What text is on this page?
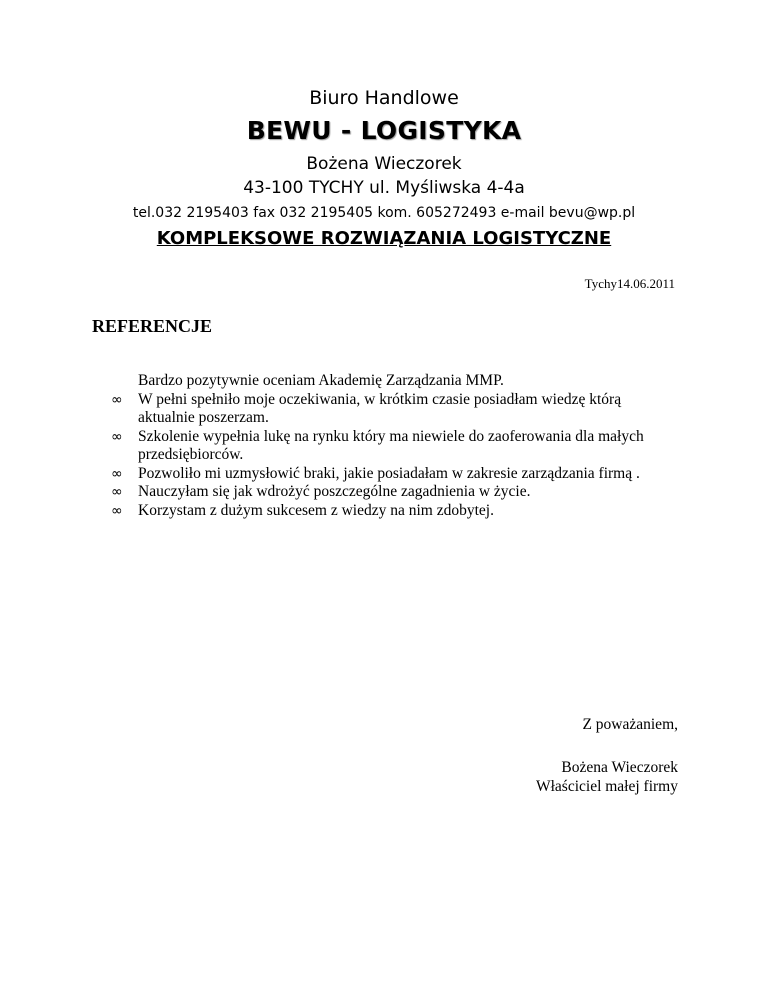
Biuro Handlowe
BEWU - LOGISTYKA
Bożena Wieczorek
43-100 TYCHY ul. Myśliwska 4-4a
tel.032 2195403 fax 032 2195405 kom. 605272493 e-mail bevu@wp.pl
KOMPLEKSOWE ROZWIĄZANIA LOGISTYCZNE
Tychy14.06.2011
REFERENCJE

Bardzo pozytywnie oceniam Akademię Zarządzania MMP.

∞ W pełni spełniło moje oczekiwania, w krótkim czasie posiadłam wiedzę którą aktualnie poszerzam.
∞ Szkolenie wypełnia lukę na rynku który ma niewiele do zaoferowania dla małych przedsiębiorców.
∞ Pozwoliło mi uzmysłowić braki, jakie posiadałam w zakresie zarządzania firmą .
∞ Nauczyłam się jak wdrożyć poszczególne zagadnienia w życie.
∞ Korzystam z dużym sukcesem z wiedzy na nim zdobytej.
Z poważaniem,
Bożena Wieczorek
Właściciel małej firmy
